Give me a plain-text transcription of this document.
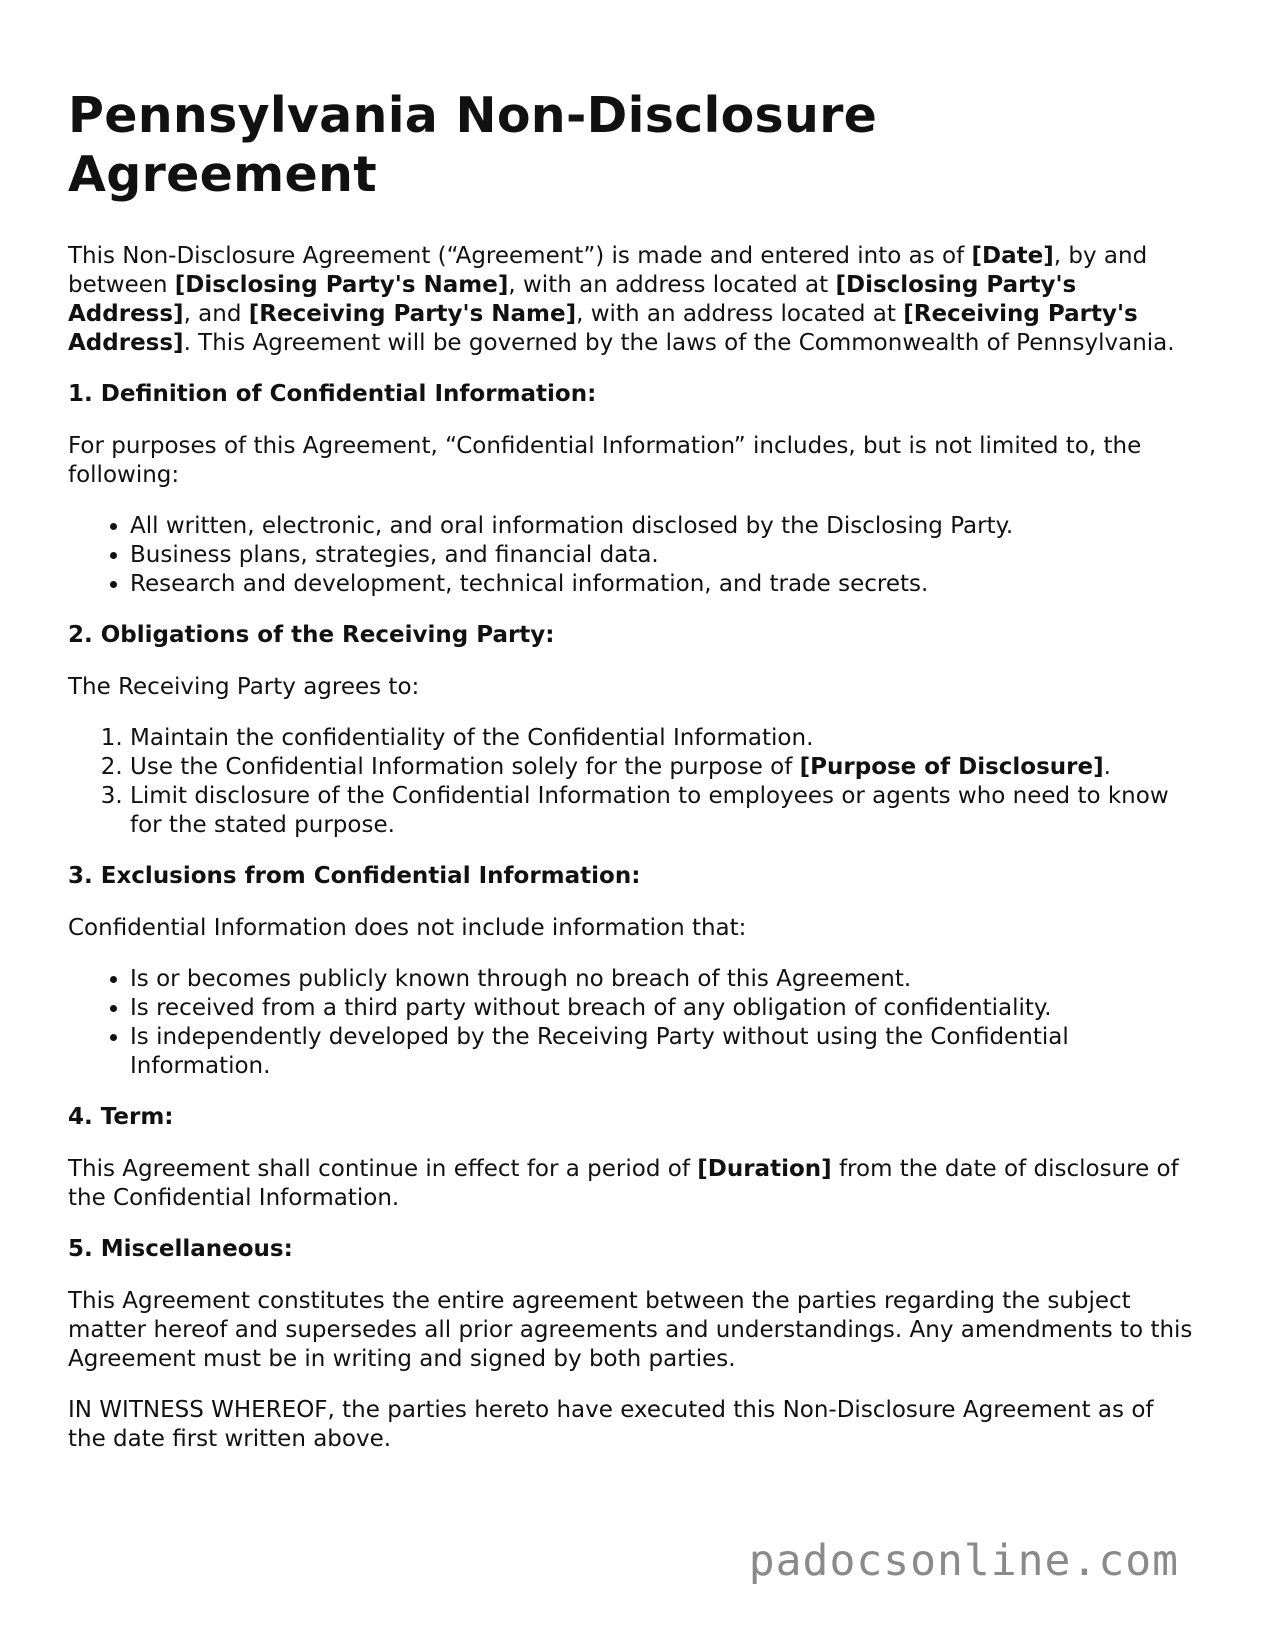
Pennsylvania Non-Disclosure Agreement

This Non-Disclosure Agreement (“Agreement”) is made and entered into as of [Date], by and between [Disclosing Party's Name], with an address located at [Disclosing Party's Address], and [Receiving Party's Name], with an address located at [Receiving Party's Address]. This Agreement will be governed by the laws of the Commonwealth of Pennsylvania.

1. Definition of Confidential Information:

For purposes of this Agreement, “Confidential Information” includes, but is not limited to, the following:

• All written, electronic, and oral information disclosed by the Disclosing Party.
• Business plans, strategies, and financial data.
• Research and development, technical information, and trade secrets.
2. Obligations of the Receiving Party:

The Receiving Party agrees to:

1. Maintain the confidentiality of the Confidential Information.
2. Use the Confidential Information solely for the purpose of [Purpose of Disclosure].
3. Limit disclosure of the Confidential Information to employees or agents who need to know for the stated purpose.
3. Exclusions from Confidential Information:

Confidential Information does not include information that:

• Is or becomes publicly known through no breach of this Agreement.
• Is received from a third party without breach of any obligation of confidentiality.
• Is independently developed by the Receiving Party without using the Confidential Information.
4. Term:

This Agreement shall continue in effect for a period of [Duration] from the date of disclosure of the Confidential Information.

5. Miscellaneous:

This Agreement constitutes the entire agreement between the parties regarding the subject matter hereof and supersedes all prior agreements and understandings. Any amendments to this Agreement must be in writing and signed by both parties.

IN WITNESS WHEREOF, the parties hereto have executed this Non-Disclosure Agreement as of the date first written above.

padocsonline.com
